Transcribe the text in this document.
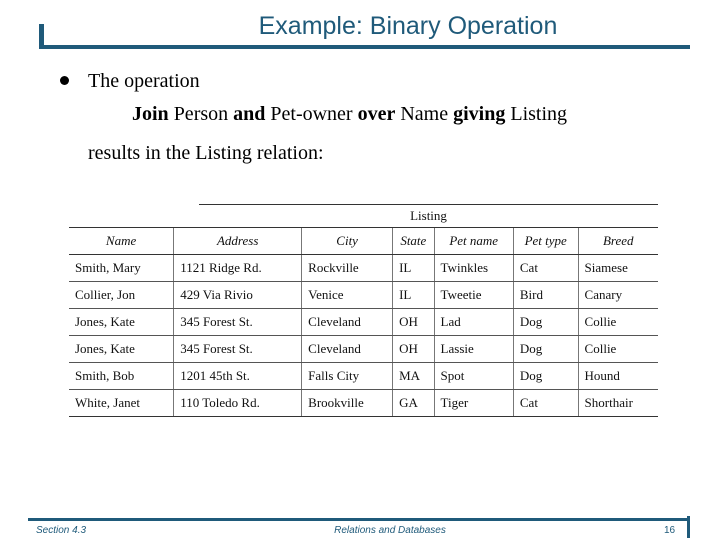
Example: Binary Operation
The operation
Join Person and Pet-owner over Name giving Listing
results in the Listing relation:
Listing
Name	Address	City	State	Pet name	Pet type	Breed
Smith, Mary	1121 Ridge Rd.	Rockville	IL	Twinkles	Cat	Siamese
Collier, Jon	429 Via Rivio	Venice	IL	Tweetie	Bird	Canary
Jones, Kate	345 Forest St.	Cleveland	OH	Lad	Dog	Collie
Jones, Kate	345 Forest St.	Cleveland	OH	Lassie	Dog	Collie
Smith, Bob	1201 45th St.	Falls City	MA	Spot	Dog	Hound
White, Janet	110 Toledo Rd.	Brookville	GA	Tiger	Cat	Shorthair
Section 4.3	Relations and Databases	16
